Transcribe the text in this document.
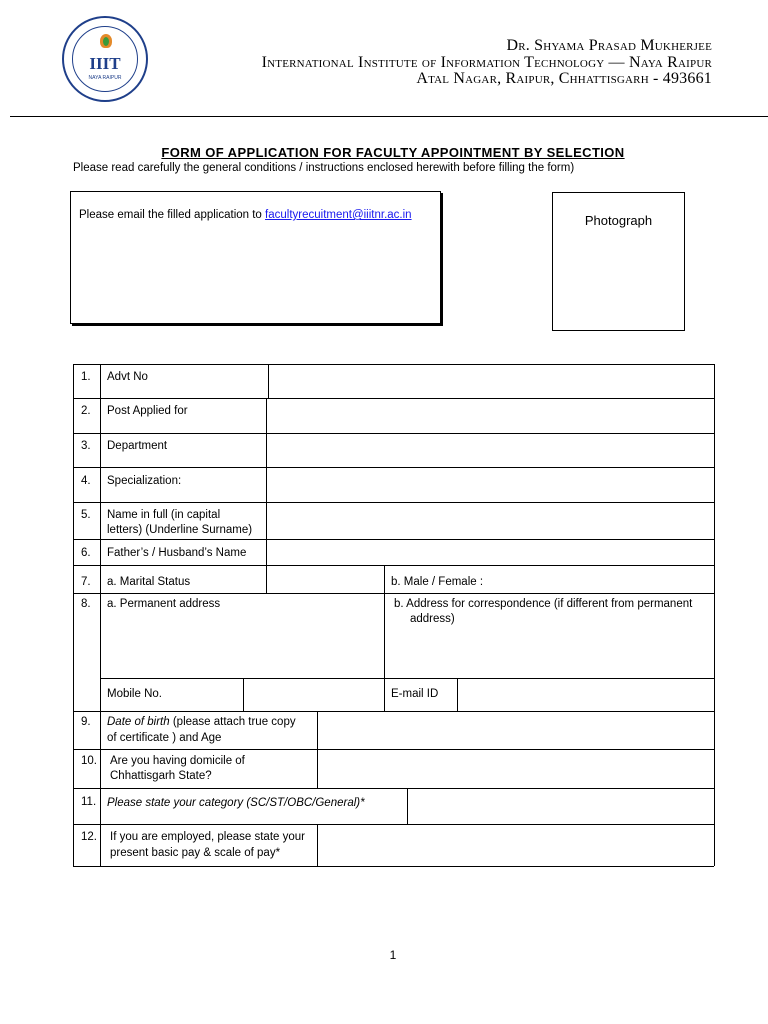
IIIT
NAYA RAIPUR
Dr. Shyama Prasad Mukherjee
International Institute of Information Technology — Naya Raipur
Atal Nagar, Raipur, Chhattisgarh - 493661
FORM OF APPLICATION FOR FACULTY APPOINTMENT BY SELECTION
Please read carefully the general conditions / instructions enclosed herewith before filling the form)
Please email the filled application to facultyrecuitment@iiitnr.ac.in	Photograph
1. Advt No
2. Post Applied for
3. Department
4. Specialization:
5. Name in full (in capital
letters) (Underline Surname)
6. Father’s / Husband’s Name
7. a. Marital Status	b. Male / Female :
8. a. Permanent address	b. Address for correspondence (if different from permanent
address)
Mobile No.	E-mail ID
9. Date of birth (please attach true copy
of certificate ) and Age
10. Are you having domicile of
Chhattisgarh State?
11. Please state your category (SC/ST/OBC/General)*
12. If you are employed, please state your
present basic pay & scale of pay*
1
